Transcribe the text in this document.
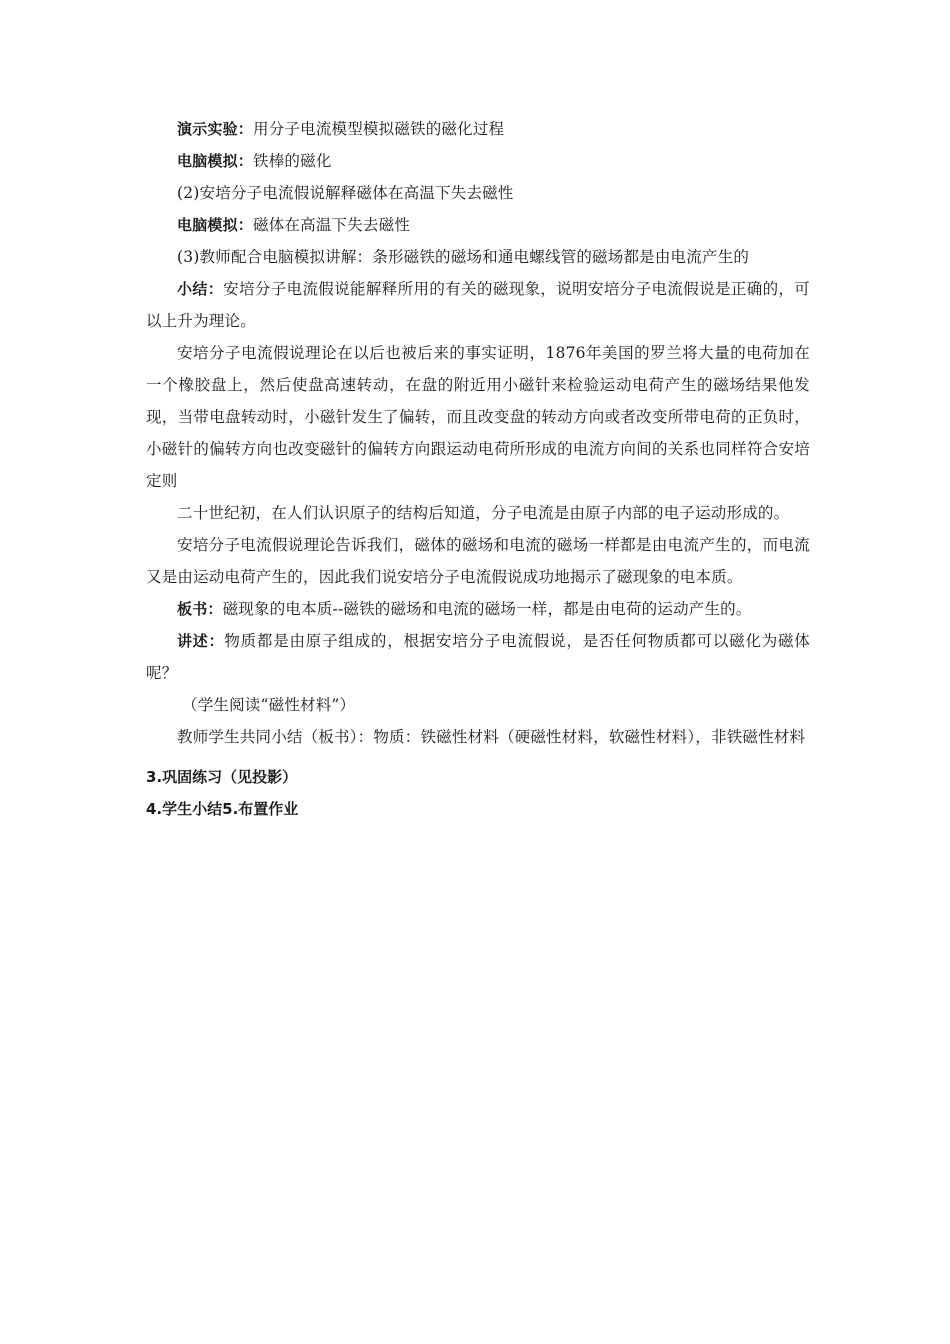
演示实验：用分子电流模型模拟磁铁的磁化过程

电脑模拟：铁棒的磁化

(2)安培分子电流假说解释磁体在高温下失去磁性

电脑模拟：磁体在高温下失去磁性

(3)教师配合电脑模拟讲解：条形磁铁的磁场和通电螺线管的磁场都是由电流产生的

小结：安培分子电流假说能解释所用的有关的磁现象，说明安培分子电流假说是正确的，可以上升为理论。

安培分子电流假说理论在以后也被后来的事实证明，1876年美国的罗兰将大量的电荷加在一个橡胶盘上，然后使盘高速转动，在盘的附近用小磁针来检验运动电荷产生的磁场结果他发现，当带电盘转动时，小磁针发生了偏转，而且改变盘的转动方向或者改变所带电荷的正负时，小磁针的偏转方向也改变磁针的偏转方向跟运动电荷所形成的电流方向间的关系也同样符合安培定则

二十世纪初，在人们认识原子的结构后知道，分子电流是由原子内部的电子运动形成的。

安培分子电流假说理论告诉我们，磁体的磁场和电流的磁场一样都是由电流产生的，而电流又是由运动电荷产生的，因此我们说安培分子电流假说成功地揭示了磁现象的电本质。

板书：磁现象的电本质--磁铁的磁场和电流的磁场一样，都是由电荷的运动产生的。

讲述：物质都是由原子组成的，根据安培分子电流假说，是否任何物质都可以磁化为磁体呢？

（学生阅读“磁性材料”）

教师学生共同小结（板书）：物质：铁磁性材料（硬磁性材料，软磁性材料），非铁磁性材料

3.巩固练习（见投影）

4.学生小结5.布置作业
